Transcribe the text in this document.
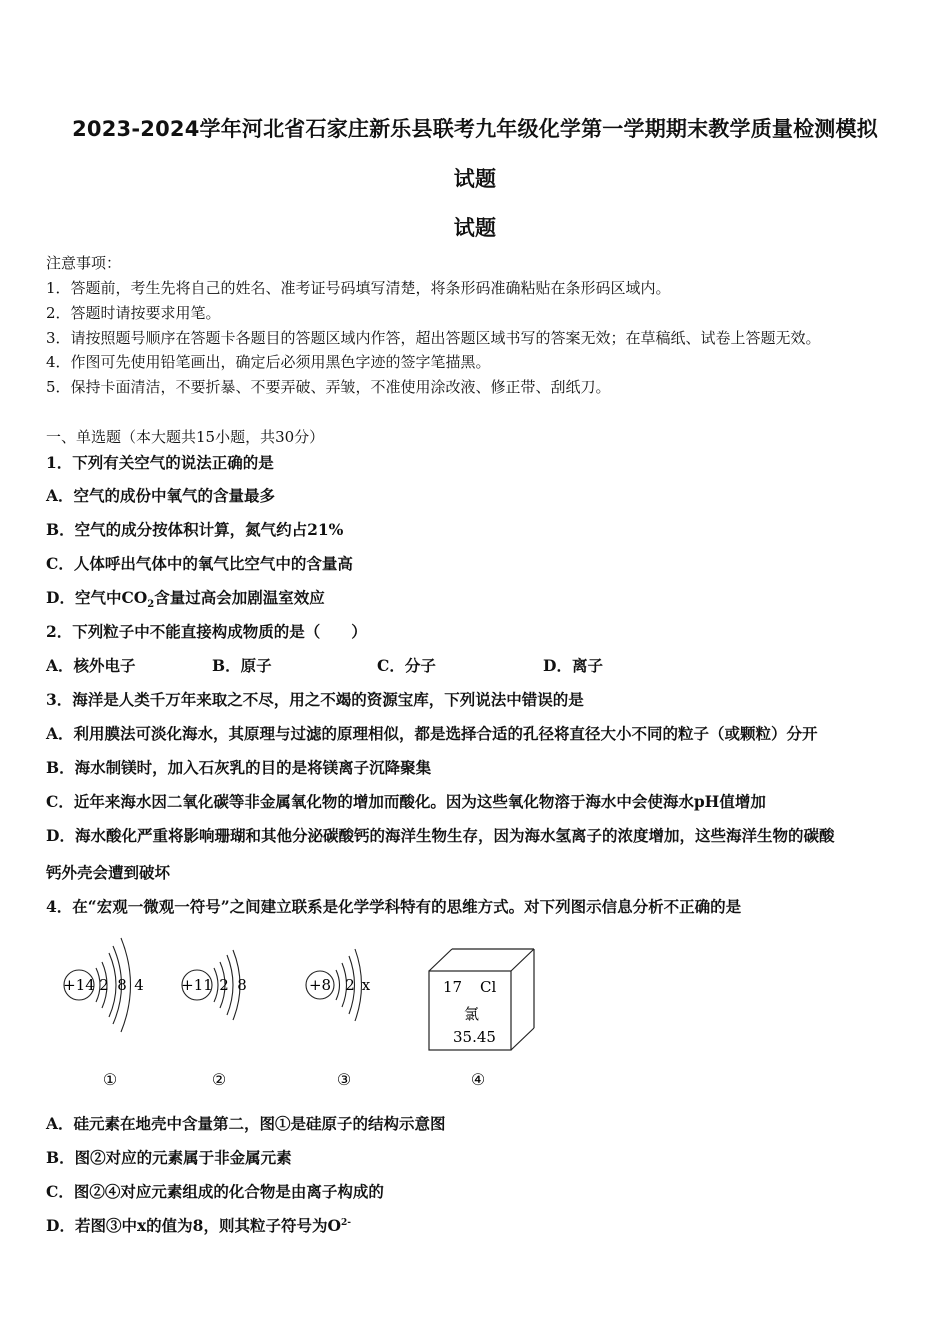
2023-2024学年河北省石家庄新乐县联考九年级化学第一学期期末教学质量检测模拟
试题
试题
注意事项：
1．答题前，考生先将自己的姓名、准考证号码填写清楚，将条形码准确粘贴在条形码区域内。
2．答题时请按要求用笔。
3．请按照题号顺序在答题卡各题目的答题区域内作答，超出答题区域书写的答案无效；在草稿纸、试卷上答题无效。
4．作图可先使用铅笔画出，确定后必须用黑色字迹的签字笔描黑。
5．保持卡面清洁，不要折暴、不要弄破、弄皱，不准使用涂改液、修正带、刮纸刀。
一、单选题（本大题共15小题，共30分）
1．下列有关空气的说法正确的是
A．空气的成份中氧气的含量最多
B．空气的成分按体积计算，氮气约占21%
C．人体呼出气体中的氧气比空气中的含量高
D．空气中$CO_2$含量过高会加剧温室效应
2．下列粒子中不能直接构成物质的是（　　）
A．核外电子	B．原子	C．分子	D．离子
3．海洋是人类千万年来取之不尽，用之不竭的资源宝库，下列说法中错误的是
A．利用膜法可淡化海水，其原理与过滤的原理相似，都是选择合适的孔径将直径大小不同的粒子（或颗粒）分开
B．海水制镁时，加入石灰乳的目的是将镁离子沉降聚集
C．近年来海水因二氧化碳等非金属氧化物的增加而酸化。因为这些氧化物溶于海水中会使海水pH值增加
D．海水酸化严重将影响珊瑚和其他分泌碳酸钙的海洋生物生存，因为海水氢离子的浓度增加，这些海洋生物的碳酸
钙外壳会遭到破坏
4．在“宏观一微观一符号”之间建立联系是化学学科特有的思维方式。对下列图示信息分析不正确的是
+14 2 8 4
①
+11 2 8
②
+8 2 x
③
17 Cl
氯
35.45
④
A．硅元素在地壳中含量第二，图①是硅原子的结构示意图
B．图②对应的元素属于非金属元素
C．图②④对应元素组成的化合物是由离子构成的
D．若图③中x的值为8，则其粒子符号为$O^{2-}$
